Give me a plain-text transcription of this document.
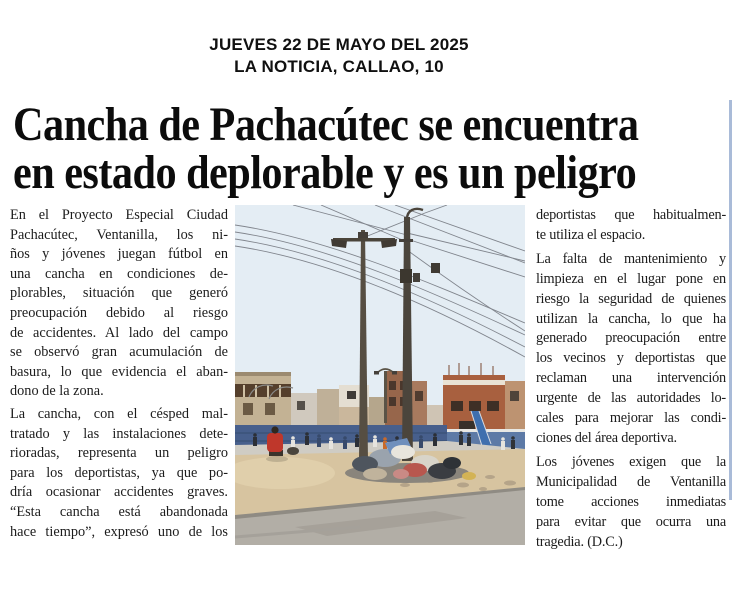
JUEVES 22 DE MAYO DEL 2025
LA NOTICIA, CALLAO, 10
Cancha de Pachacútec se encuentra
en estado deplorable y es un peligro
En el Proyecto Especial Ciudad
Pachacútec, Ventanilla, los ni-
ños y jóvenes juegan fútbol en
una cancha en condiciones de-
plorables, situación que generó
preocupación debido al riesgo
de accidentes. Al lado del campo
se observó gran acumulación de
basura, lo que evidencia el aban-
dono de la zona.
La cancha, con el césped mal-
tratado y las instalaciones dete-
rioradas, representa un peligro
para los deportistas, ya que po-
dría ocasionar accidentes graves.
“Esta cancha está abandonada
hace tiempo”, expresó uno de los
deportistas que habitualmen-
te utiliza el espacio.
La falta de mantenimiento y
limpieza en el lugar pone en
riesgo la seguridad de quienes
utilizan la cancha, lo que ha
generado preocupación entre
los vecinos y deportistas que
reclaman una intervención
urgente de las autoridades lo-
cales para mejorar las condi-
ciones del área deportiva.
Los jóvenes exigen que la
Municipalidad de Ventanilla
tome acciones inmediatas
para evitar que ocurra una
tragedia. (D.C.)
